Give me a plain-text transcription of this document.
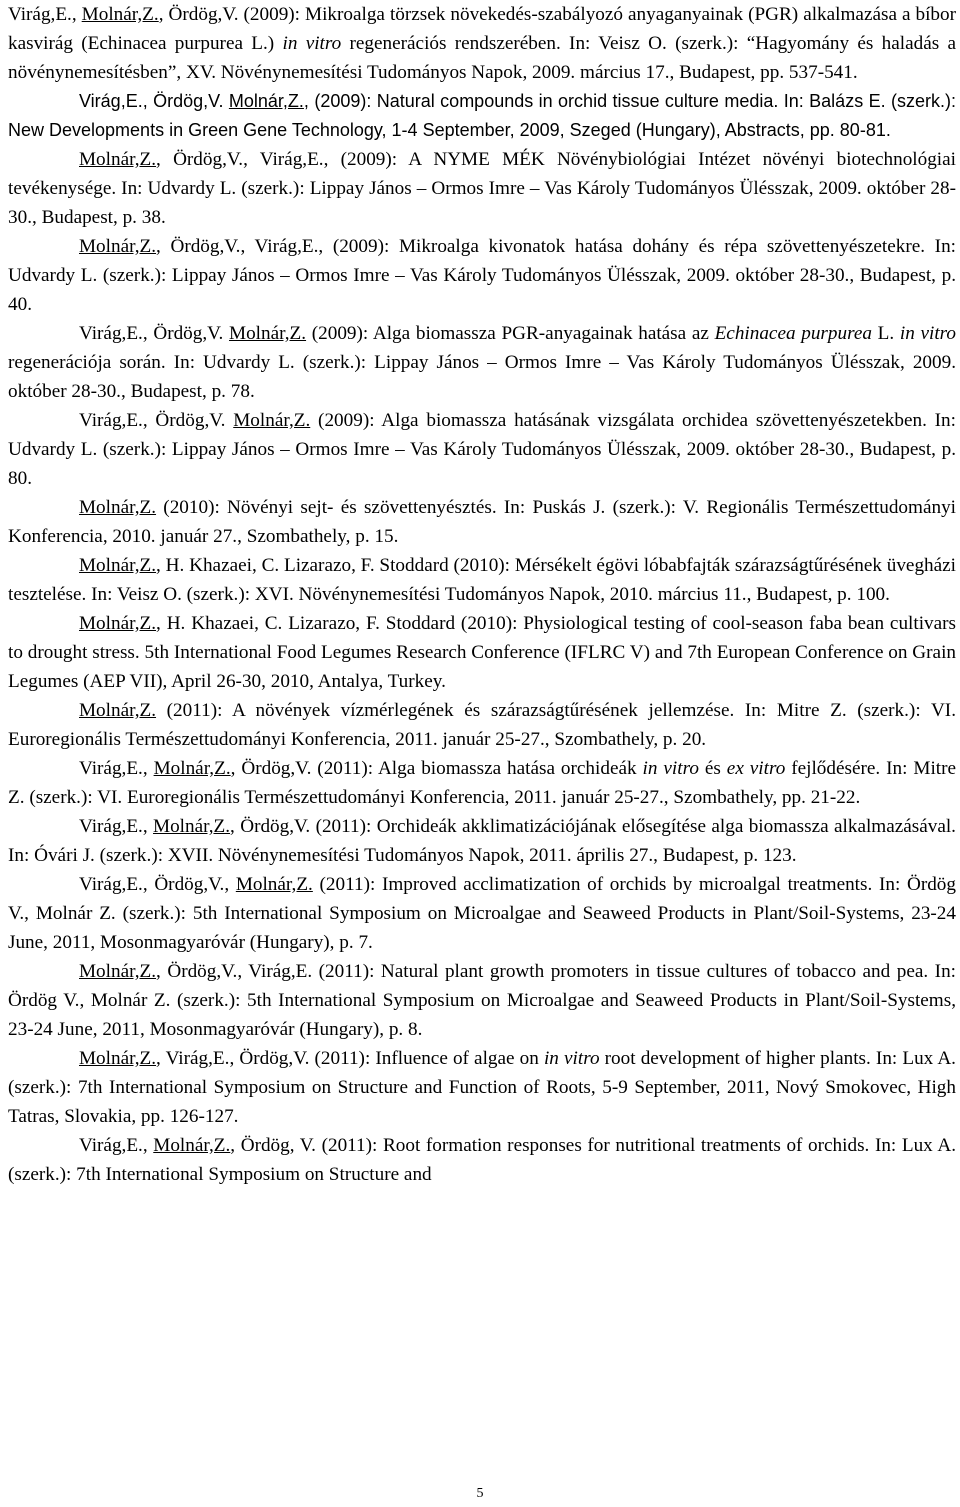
Virág,E., Molnár,Z., Ördög,V. (2009): Mikroalga törzsek növekedés-szabályozó anyaganyainak (PGR) alkalmazása a bíbor kasvirág (Echinacea purpurea L.) in vitro regenerációs rendszerében. In: Veisz O. (szerk.): “Hagyomány és haladás a növénynemesítésben”, XV. Növénynemesítési Tudományos Napok, 2009. március 17., Budapest, pp. 537-541.

Virág,E., Ördög,V. Molnár,Z., (2009): Natural compounds in orchid tissue culture media. In: Balázs E. (szerk.): New Developments in Green Gene Technology, 1-4 September, 2009, Szeged (Hungary), Abstracts, pp. 80-81.

Molnár,Z., Ördög,V., Virág,E., (2009): A NYME MÉK Növénybiológiai Intézet növényi biotechnológiai tevékenysége. In: Udvardy L. (szerk.): Lippay János – Ormos Imre – Vas Károly Tudományos Ülésszak, 2009. október 28-30., Budapest, p. 38.

Molnár,Z., Ördög,V., Virág,E., (2009): Mikroalga kivonatok hatása dohány és répa szövettenyészetekre. In: Udvardy L. (szerk.): Lippay János – Ormos Imre – Vas Károly Tudományos Ülésszak, 2009. október 28-30., Budapest, p. 40.

Virág,E., Ördög,V. Molnár,Z. (2009): Alga biomassza PGR-anyagainak hatása az Echinacea purpurea L. in vitro regenerációja során. In: Udvardy L. (szerk.): Lippay János – Ormos Imre – Vas Károly Tudományos Ülésszak, 2009. október 28-30., Budapest, p. 78.

Virág,E., Ördög,V. Molnár,Z. (2009): Alga biomassza hatásának vizsgálata orchidea szövettenyészetekben. In: Udvardy L. (szerk.): Lippay János – Ormos Imre – Vas Károly Tudományos Ülésszak, 2009. október 28-30., Budapest, p. 80.

Molnár,Z. (2010): Növényi sejt- és szövettenyésztés. In: Puskás J. (szerk.): V. Regionális Természettudományi Konferencia, 2010. január 27., Szombathely, p. 15.

Molnár,Z., H. Khazaei, C. Lizarazo, F. Stoddard (2010): Mérsékelt égövi lóbabfajták szárazságtűrésének üvegházi tesztelése. In: Veisz O. (szerk.): XVI. Növénynemesítési Tudományos Napok, 2010. március 11., Budapest, p. 100.

Molnár,Z., H. Khazaei, C. Lizarazo, F. Stoddard (2010): Physiological testing of cool-season faba bean cultivars to drought stress. 5th International Food Legumes Research Conference (IFLRC V) and 7th European Conference on Grain Legumes (AEP VII), April 26-30, 2010, Antalya, Turkey.

Molnár,Z. (2011): A növények vízmérlegének és szárazságtűrésének jellemzése. In: Mitre Z. (szerk.): VI. Euroregionális Természettudományi Konferencia, 2011. január 25-27., Szombathely, p. 20.

Virág,E., Molnár,Z., Ördög,V. (2011): Alga biomassza hatása orchideák in vitro és ex vitro fejlődésére. In: Mitre Z. (szerk.): VI. Euroregionális Természettudományi Konferencia, 2011. január 25-27., Szombathely, pp. 21-22.

Virág,E., Molnár,Z., Ördög,V. (2011): Orchideák akklimatizációjának elősegítése alga biomassza alkalmazásával. In: Óvári J. (szerk.): XVII. Növénynemesítési Tudományos Napok, 2011. április 27., Budapest, p. 123.

Virág,E., Ördög,V., Molnár,Z. (2011): Improved acclimatization of orchids by microalgal treatments. In: Ördög V., Molnár Z. (szerk.): 5th International Symposium on Microalgae and Seaweed Products in Plant/Soil-Systems, 23-24 June, 2011, Mosonmagyaróvár (Hungary), p. 7.

Molnár,Z., Ördög,V., Virág,E. (2011): Natural plant growth promoters in tissue cultures of tobacco and pea. In: Ördög V., Molnár Z. (szerk.): 5th International Symposium on Microalgae and Seaweed Products in Plant/Soil-Systems, 23-24 June, 2011, Mosonmagyaróvár (Hungary), p. 8.

Molnár,Z., Virág,E., Ördög,V. (2011): Influence of algae on in vitro root development of higher plants. In: Lux A. (szerk.): 7th International Symposium on Structure and Function of Roots, 5-9 September, 2011, Nový Smokovec, High Tatras, Slovakia, pp. 126-127.

Virág,E., Molnár,Z., Ördög, V. (2011): Root formation responses for nutritional treatments of orchids. In: Lux A. (szerk.): 7th International Symposium on Structure and

5
